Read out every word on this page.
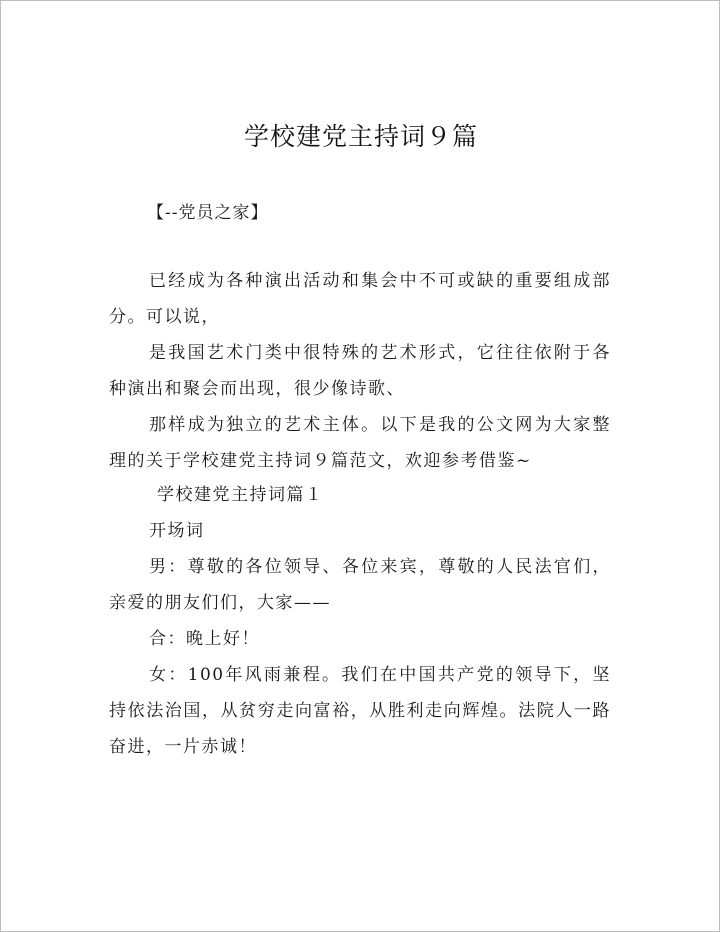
学校建党主持词９篇
【--党员之家】

已经成为各种演出活动和集会中不可或缺的重要组成部分。可以说，

是我国艺术门类中很特殊的艺术形式，它往往依附于各种演出和聚会而出现，很少像诗歌、

那样成为独立的艺术主体。以下是我的公文网为大家整理的关于学校建党主持词９篇范文，欢迎参考借鉴~

学校建党主持词篇１
开场词

男：尊敬的各位领导、各位来宾，尊敬的人民法官们，亲爱的朋友们们，大家——

合：晚上好！

女：100年风雨兼程。我们在中国共产党的领导下，坚持依法治国，从贫穷走向富裕，从胜利走向辉煌。法院人一路奋进，一片赤诚！
